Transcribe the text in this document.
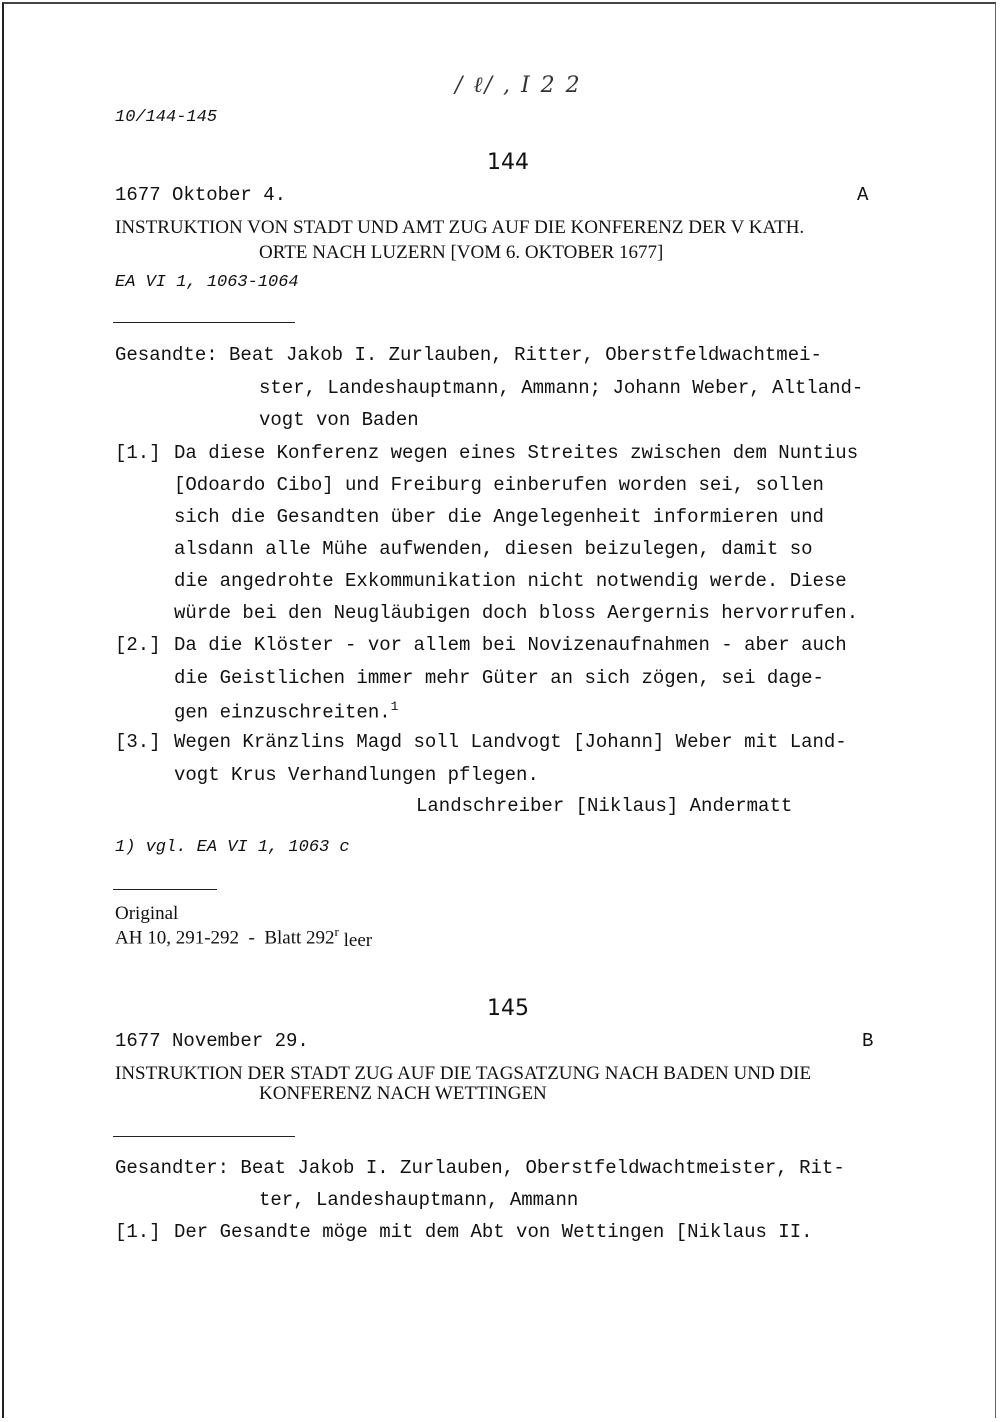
/ ℓ/ , I 2 2
10/144-145
144
1677 Oktober 4.	A
INSTRUKTION VON STADT UND AMT ZUG AUF DIE KONFERENZ DER V KATH.
ORTE NACH LUZERN [VOM 6. OKTOBER 1677]
EA VI 1, 1063-1064
Gesandte: Beat Jakob I. Zurlauben, Ritter, Oberstfeldwachtmei-
ster, Landeshauptmann, Ammann; Johann Weber, Altland-
vogt von Baden
[1.] Da diese Konferenz wegen eines Streites zwischen dem Nuntius
[Odoardo Cibo] und Freiburg einberufen worden sei, sollen
sich die Gesandten über die Angelegenheit informieren und
alsdann alle Mühe aufwenden, diesen beizulegen, damit so
die angedrohte Exkommunikation nicht notwendig werde. Diese
würde bei den Neugläubigen doch bloss Aergernis hervorrufen.
[2.] Da die Klöster - vor allem bei Novizenaufnahmen - aber auch
die Geistlichen immer mehr Güter an sich zögen, sei dage-
gen einzuschreiten.$^1$
[3.] Wegen Kränzlins Magd soll Landvogt [Johann] Weber mit Land-
vogt Krus Verhandlungen pflegen.
Landschreiber [Niklaus] Andermatt
1) vgl. EA VI 1, 1063 c
Original
AH 10, 291-292  -  Blatt 292$^r$ leer
145
1677 November 29.	B
INSTRUKTION DER STADT ZUG AUF DIE TAGSATZUNG NACH BADEN UND DIE
KONFERENZ NACH WETTINGEN
Gesandter: Beat Jakob I. Zurlauben, Oberstfeldwachtmeister, Rit-
ter, Landeshauptmann, Ammann
[1.] Der Gesandte möge mit dem Abt von Wettingen [Niklaus II.
